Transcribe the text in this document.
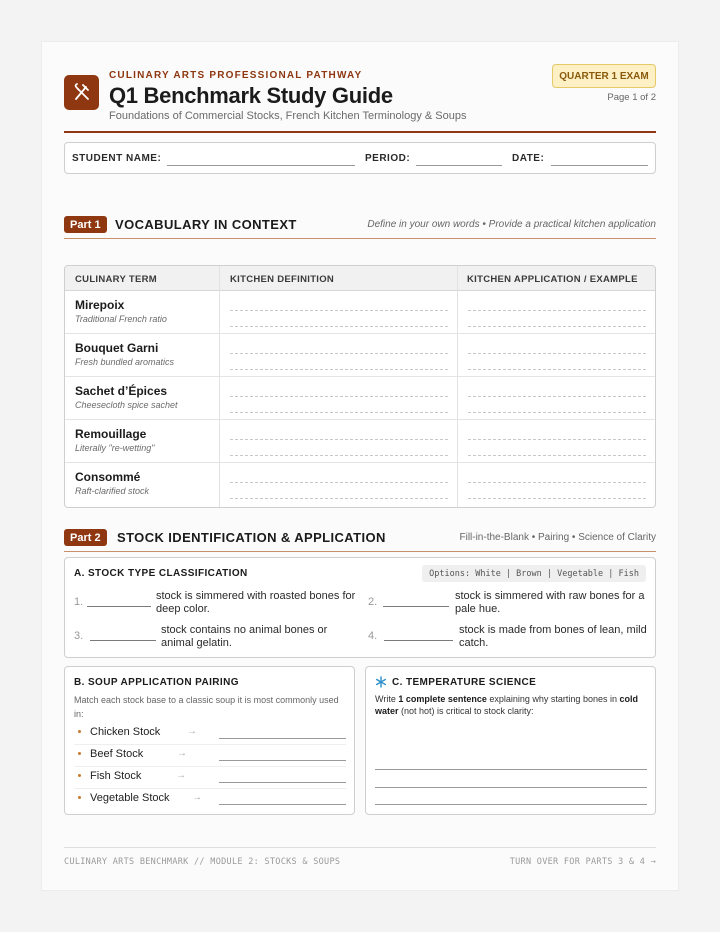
CULINARY ARTS PROFESSIONAL PATHWAY
Q1 Benchmark Study Guide
Foundations of Commercial Stocks, French Kitchen Terminology & Soups
QUARTER 1 EXAM
Page 1 of 2
STUDENT NAME:	PERIOD:	DATE:
Part 1	VOCABULARY IN CONTEXT	Define in your own words • Provide a practical kitchen application
CULINARY TERM	KITCHEN DEFINITION	KITCHEN APPLICATION / EXAMPLE
Mirepoix
Traditional French ratio
Bouquet Garni
Fresh bundled aromatics
Sachet d’Épices
Cheesecloth spice sachet
Remouillage
Literally "re-wetting"
Consommé
Raft-clarified stock
Part 2	STOCK IDENTIFICATION & APPLICATION	Fill-in-the-Blank • Pairing • Science of Clarity
A. STOCK TYPE CLASSIFICATION	Options: White | Brown | Vegetable | Fish
1.	stock is simmered with roasted bones for deep color.
2.	stock is simmered with raw bones for a pale hue.
3.	stock contains no animal bones or animal gelatin.
4.	stock is made from bones of lean, mild catch.
B. SOUP APPLICATION PAIRING
Match each stock base to a classic soup it is most commonly used in:
Chicken Stock	→
Beef Stock	→
Fish Stock	→
Vegetable Stock →
C. TEMPERATURE SCIENCE
Write 1 complete sentence explaining why starting bones in cold water (not hot) is critical to stock clarity:
CULINARY ARTS BENCHMARK // MODULE 2: STOCKS & SOUPS	TURN OVER FOR PARTS 3 & 4 →
